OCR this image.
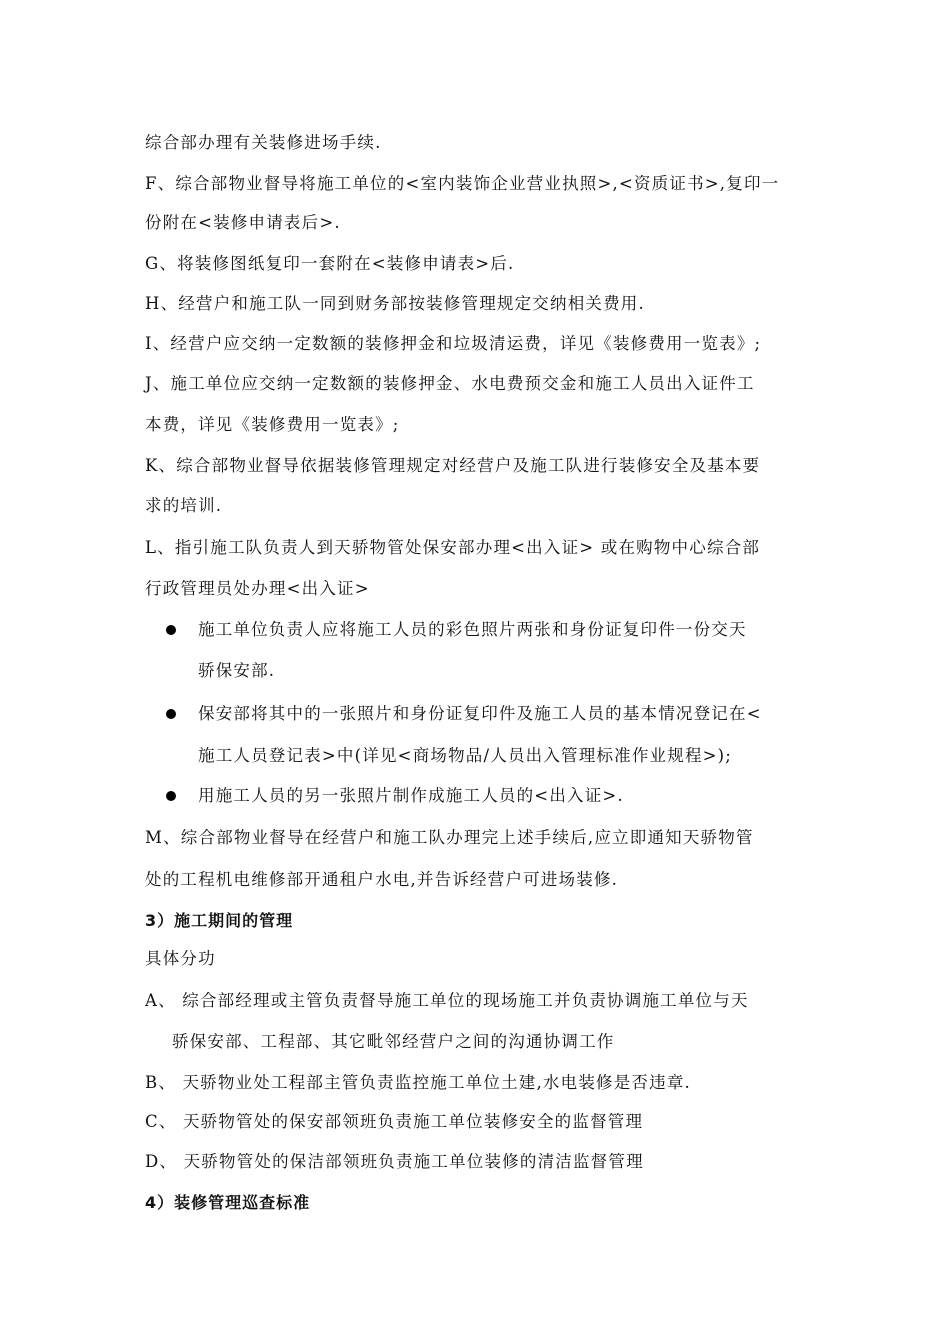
综合部办理有关装修进场手续.
F、综合部物业督导将施工单位的<室内装饰企业营业执照>,<资质证书>,复印一
份附在<装修申请表后>.
G、将装修图纸复印一套附在<装修申请表>后.
H、经营户和施工队一同到财务部按装修管理规定交纳相关费用.
I、经营户应交纳一定数额的装修押金和垃圾清运费，详见《装修费用一览表》;
J、施工单位应交纳一定数额的装修押金、水电费预交金和施工人员出入证件工
本费，详见《装修费用一览表》;
K、综合部物业督导依据装修管理规定对经营户及施工队进行装修安全及基本要
求的培训.
L、指引施工队负责人到天骄物管处保安部办理<出入证> 或在购物中心综合部
行政管理员处办理<出入证>
施工单位负责人应将施工人员的彩色照片两张和身份证复印件一份交天
骄保安部.
保安部将其中的一张照片和身份证复印件及施工人员的基本情况登记在<
施工人员登记表>中(详见<商场物品/人员出入管理标准作业规程>);
用施工人员的另一张照片制作成施工人员的<出入证>.
M、综合部物业督导在经营户和施工队办理完上述手续后,应立即通知天骄物管
处的工程机电维修部开通租户水电,并告诉经营户可进场装修.
3）施工期间的管理
具体分功
A、 综合部经理或主管负责督导施工单位的现场施工并负责协调施工单位与天
骄保安部、工程部、其它毗邻经营户之间的沟通协调工作
B、 天骄物业处工程部主管负责监控施工单位土建,水电装修是否违章.
C、 天骄物管处的保安部领班负责施工单位装修安全的监督管理
D、 天骄物管处的保洁部领班负责施工单位装修的清洁监督管理
4）装修管理巡查标准
